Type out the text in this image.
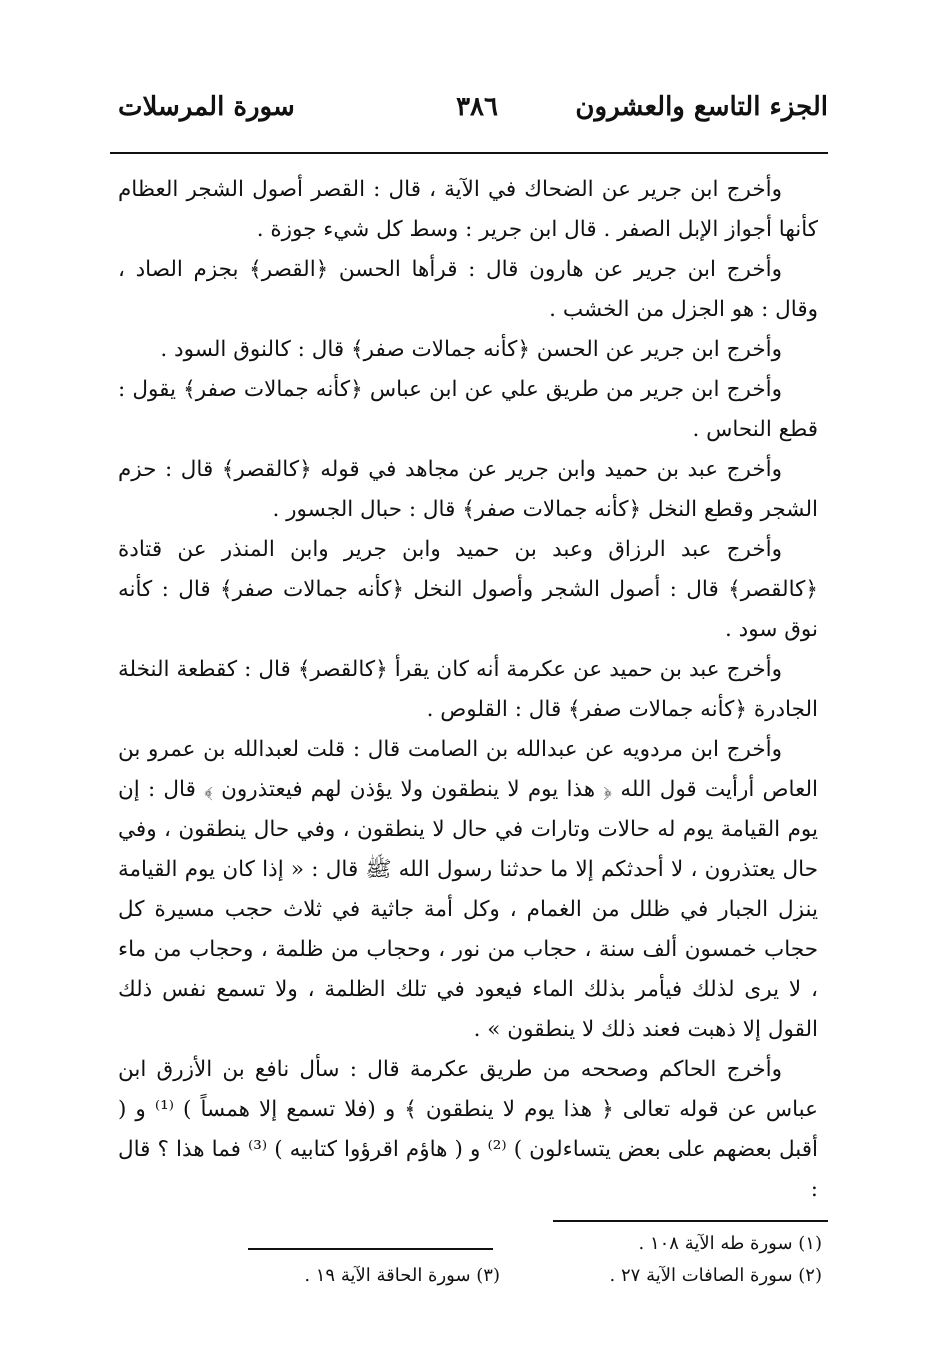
الجزء التاسع والعشرون
٣٨٦
سورة المرسلات

وأخرج ابن جرير عن الضحاك في الآية ، قال : القصر أصول الشجر العظام كأنها أجواز الإبل الصفر . قال ابن جرير : وسط كل شيء جوزة .

وأخرج ابن جرير عن هارون قال : قرأها الحسن ﴿القصر﴾ بجزم الصاد ، وقال : هو الجزل من الخشب .

وأخرج ابن جرير عن الحسن ﴿كأنه جمالات صفر﴾ قال : كالنوق السود .

وأخرج ابن جرير من طريق علي عن ابن عباس ﴿كأنه جمالات صفر﴾ يقول : قطع النحاس .

وأخرج عبد بن حميد وابن جرير عن مجاهد في قوله ﴿كالقصر﴾ قال : حزم الشجر وقطع النخل ﴿كأنه جمالات صفر﴾ قال : حبال الجسور .

وأخرج عبد الرزاق وعبد بن حميد وابن جرير وابن المنذر عن قتادة ﴿كالقصر﴾ قال : أصول الشجر وأصول النخل ﴿كأنه جمالات صفر﴾ قال : كأنه نوق سود .

وأخرج عبد بن حميد عن عكرمة أنه كان يقرأ ﴿كالقصر﴾ قال : كقطعة النخلة الجادرة ﴿كأنه جمالات صفر﴾ قال : القلوص .

وأخرج ابن مردويه عن عبدالله بن الصامت قال : قلت لعبدالله بن عمرو بن العاص أرأيت قول الله ﴿ هذا يوم لا ينطقون ولا يؤذن لهم فيعتذرون ﴾ قال : إن يوم القيامة يوم له حالات وتارات في حال لا ينطقون ، وفي حال ينطقون ، وفي حال يعتذرون ، لا أحدثكم إلا ما حدثنا رسول الله ﷺ قال : « إذا كان يوم القيامة ينزل الجبار في ظلل من الغمام ، وكل أمة جاثية في ثلاث حجب مسيرة كل حجاب خمسون ألف سنة ، حجاب من نور ، وحجاب من ظلمة ، وحجاب من ماء ، لا يرى لذلك فيأمر بذلك الماء فيعود في تلك الظلمة ، ولا تسمع نفس ذلك القول إلا ذهبت فعند ذلك لا ينطقون » .

وأخرج الحاكم وصححه من طريق عكرمة قال : سأل نافع بن الأزرق ابن عباس عن قوله تعالى ﴿ هذا يوم لا ينطقون ﴾ و (فلا تسمع إلا همساً ) ⁽¹⁾ و ( أقبل بعضهم على بعض يتساءلون ) ⁽²⁾ و ( هاؤم اقرؤوا كتابيه ) ⁽³⁾ فما هذا ؟ قال :

(١) سورة طه الآية ١٠٨ .
(٢) سورة الصافات الآية ٢٧ .
(٣) سورة الحاقة الآية ١٩ .
